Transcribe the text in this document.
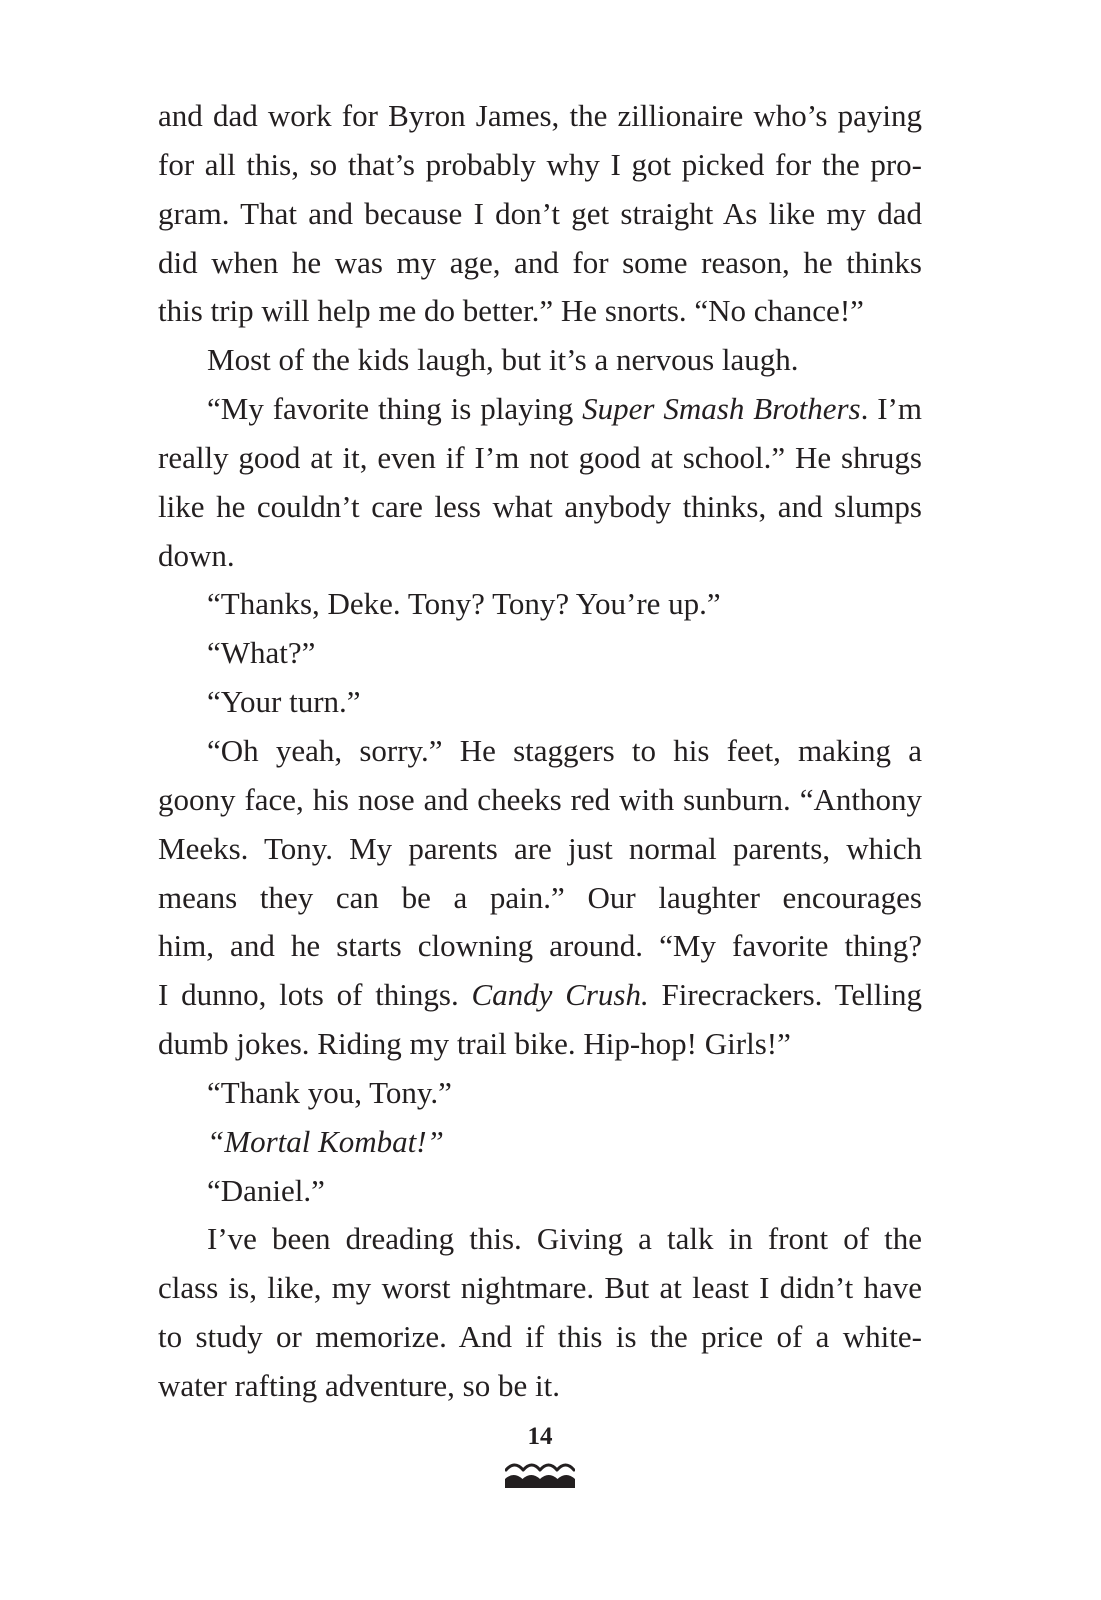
and dad work for Byron James, the zillionaire who’s paying
for all this, so that’s probably why I got picked for the pro-
gram. That and because I don’t get straight As like my dad
did when he was my age, and for some reason, he thinks
this trip will help me do better.” He snorts. “No chance!”
Most of the kids laugh, but it’s a nervous laugh.
“My favorite thing is playing Super Smash Brothers. I’m
really good at it, even if I’m not good at school.” He shrugs
like he couldn’t care less what anybody thinks, and slumps
down.
“Thanks, Deke. Tony? Tony? You’re up.”
“What?”
“Your turn.”
“Oh yeah, sorry.” He staggers to his feet, making a
goony face, his nose and cheeks red with sunburn. “Anthony
Meeks. Tony. My parents are just normal parents, which
means they can be a pain.” Our laughter encourages
him, and he starts clowning around. “My favorite thing?
I dunno, lots of things. Candy Crush. Firecrackers. Telling
dumb jokes. Riding my trail bike. Hip-hop! Girls!”
“Thank you, Tony.”
“Mortal Kombat!”
“Daniel.”
I’ve been dreading this. Giving a talk in front of the
class is, like, my worst nightmare. But at least I didn’t have
to study or memorize. And if this is the price of a white-
water rafting adventure, so be it.
14
